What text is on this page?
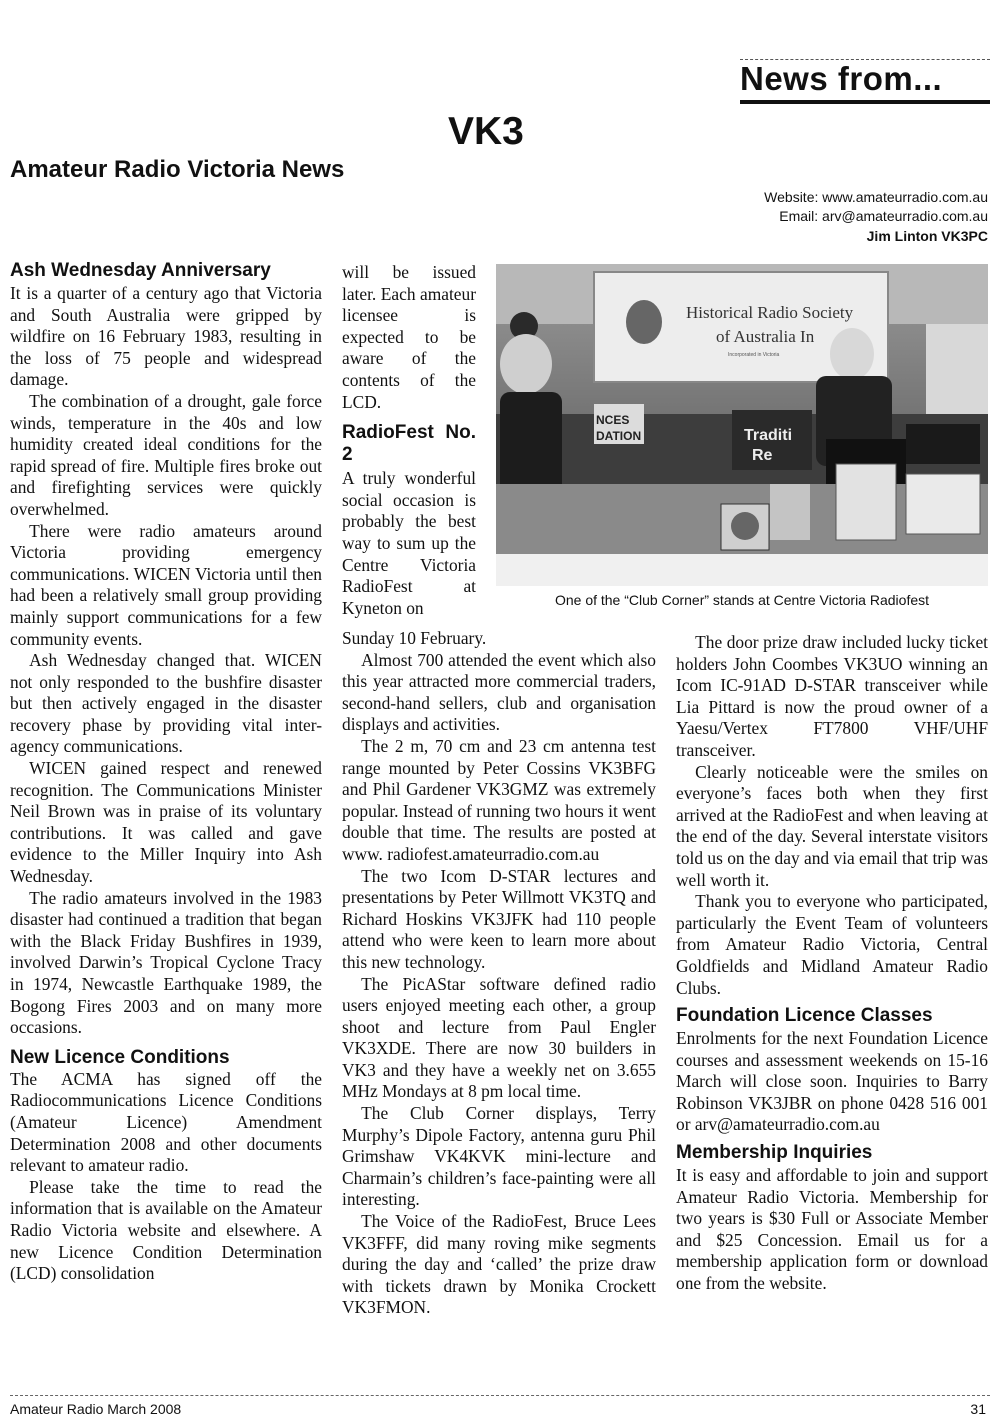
News from...
VK3
Amateur Radio Victoria News
Website: www.amateurradio.com.au
Email: arv@amateurradio.com.au
Jim Linton VK3PC
Ash Wednesday Anniversary

It is a quarter of a century ago that Victoria and South Australia were gripped by wildfire on 16 February 1983, resulting in the loss of 75 people and widespread damage.

The combination of a drought, gale force winds, temperature in the 40s and low humidity created ideal conditions for the rapid spread of fire. Multiple fires broke out and firefighting services were quickly overwhelmed.

There were radio amateurs around Victoria providing emergency communications. WICEN Victoria until then had been a relatively small group providing mainly support communications for a few community events.

Ash Wednesday changed that. WICEN not only responded to the bushfire disaster but then actively engaged in the disaster recovery phase by providing vital inter-agency communications.

WICEN gained respect and renewed recognition. The Communications Minister Neil Brown was in praise of its voluntary contributions. It was called and gave evidence to the Miller Inquiry into Ash Wednesday.

The radio amateurs involved in the 1983 disaster had continued a tradition that began with the Black Friday Bushfires in 1939, involved Darwin’s Tropical Cyclone Tracy in 1974, Newcastle Earthquake 1989, the Bogong Fires 2003 and on many more occasions.

New Licence Conditions

The ACMA has signed off the Radiocommunications Licence Conditions (Amateur Licence) Amendment Determination 2008 and other documents relevant to amateur radio.

Please take the time to read the information that is available on the Amateur Radio Victoria website and elsewhere. A new Licence Condition Determination (LCD) consolidation

will be issued later. Each amateur licensee is expected to be aware of the contents of the LCD.

RadioFest No. 2

A truly wonderful social occasion is probably the best way to sum up the Centre Victoria RadioFest at Kyneton on

Historical Radio Society
of Australia In
Incorporated in Victoria
NCES
DATION	Traditi
Re
One of the “Club Corner” stands at Centre Victoria Radiofest

Sunday 10 February.

Almost 700 attended the event which also this year attracted more commercial traders, second-hand sellers, club and organisation displays and activities.

The 2 m, 70 cm and 23 cm antenna test range mounted by Peter Cossins VK3BFG and Phil Gardener VK3GMZ was extremely popular. Instead of running two hours it went double that time. The results are posted at www. radiofest.amateurradio.com.au

The two Icom D-STAR lectures and presentations by Peter Willmott VK3TQ and Richard Hoskins VK3JFK had 110 people attend who were keen to learn more about this new technology.

The PicAStar software defined radio users enjoyed meeting each other, a group shoot and lecture from Paul Engler VK3XDE. There are now 30 builders in VK3 and they have a weekly net on 3.655 MHz Mondays at 8 pm local time.

The Club Corner displays, Terry Murphy’s Dipole Factory, antenna guru Phil Grimshaw VK4KVK mini-lecture and Charmain’s children’s face-painting were all interesting.

The Voice of the RadioFest, Bruce Lees VK3FFF, did many roving mike segments during the day and ‘called’ the prize draw with tickets drawn by Monika Crockett VK3FMON.

The door prize draw included lucky ticket holders John Coombes VK3UO winning an Icom IC-91AD D-STAR transceiver while Lia Pittard is now the proud owner of a Yaesu/Vertex FT7800 VHF/UHF transceiver.

Clearly noticeable were the smiles on everyone’s faces both when they first arrived at the RadioFest and when leaving at the end of the day. Several interstate visitors told us on the day and via email that trip was well worth it.

Thank you to everyone who participated, particularly the Event Team of volunteers from Amateur Radio Victoria, Central Goldfields and Midland Amateur Radio Clubs.

Foundation Licence Classes

Enrolments for the next Foundation Licence courses and assessment weekends on 15-16 March will close soon. Inquiries to Barry Robinson VK3JBR on phone 0428 516 001 or arv@amateurradio.com.au

Membership Inquiries

It is easy and affordable to join and support Amateur Radio Victoria. Membership for two years is $30 Full or Associate Member and $25 Concession. Email us for a membership application form or download one from the website.

Amateur Radio March 2008	31
